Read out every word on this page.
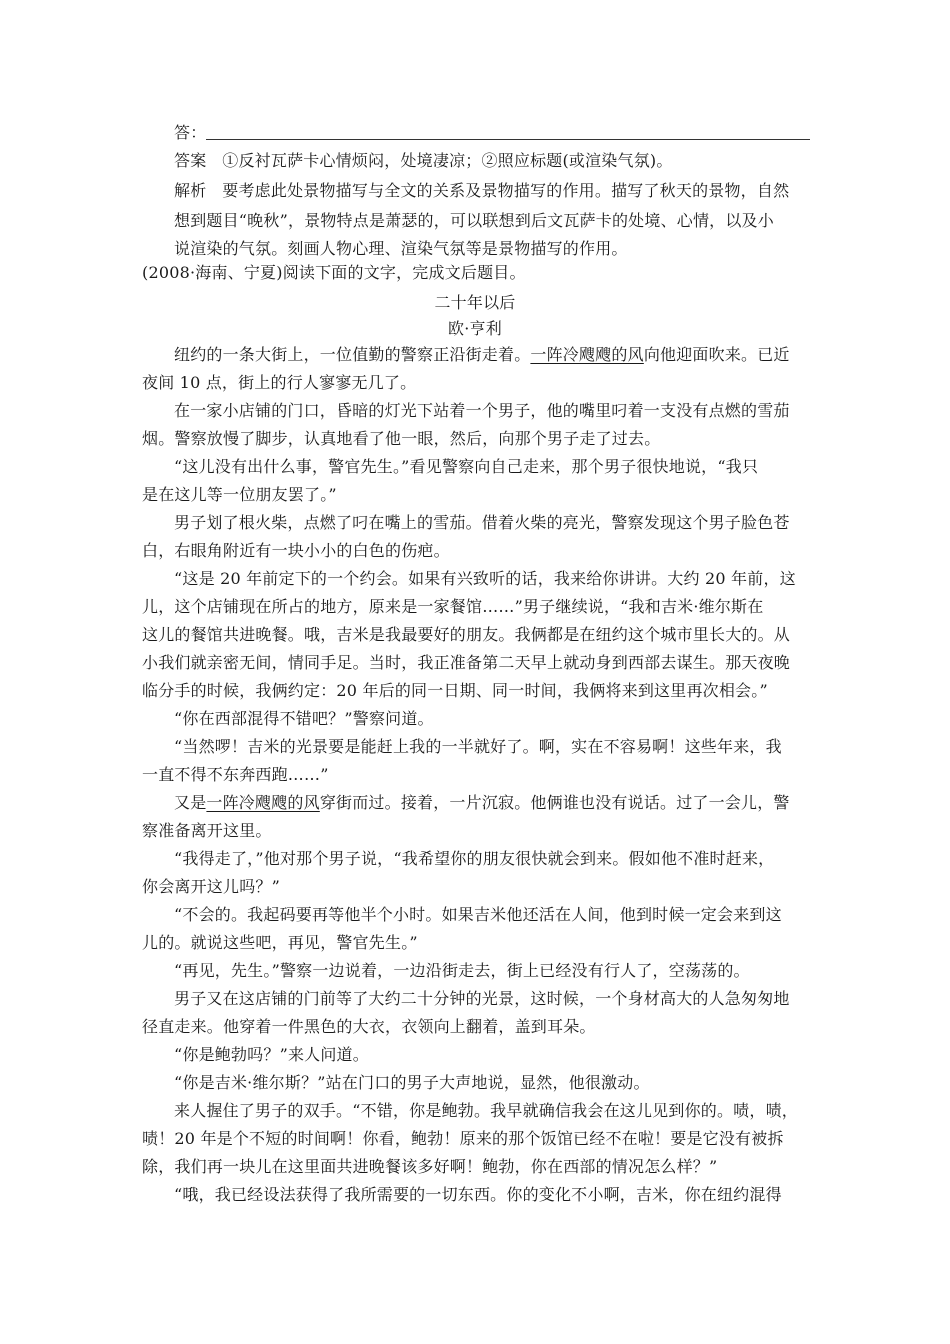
答：
答案 ①反衬瓦萨卡心情烦闷，处境凄凉；②照应标题(或渲染气氛)。
解析 要考虑此处景物描写与全文的关系及景物描写的作用。描写了秋天的景物，自然
想到题目“晚秋”，景物特点是萧瑟的，可以联想到后文瓦萨卡的处境、心情，以及小
说渲染的气氛。刻画人物心理、渲染气氛等是景物描写的作用。
(2008·海南、宁夏)阅读下面的文字，完成文后题目。
二十年以后
欧·亨利
纽约的一条大街上，一位值勤的警察正沿街走着。一阵冷飕飕的风向他迎面吹来。已近
夜间 10 点，街上的行人寥寥无几了。
在一家小店铺的门口，昏暗的灯光下站着一个男子，他的嘴里叼着一支没有点燃的雪茄
烟。警察放慢了脚步，认真地看了他一眼，然后，向那个男子走了过去。
“这儿没有出什么事，警官先生。”看见警察向自己走来，那个男子很快地说，“我只
是在这儿等一位朋友罢了。”
男子划了根火柴，点燃了叼在嘴上的雪茄。借着火柴的亮光，警察发现这个男子脸色苍
白，右眼角附近有一块小小的白色的伤疤。
“这是 20 年前定下的一个约会。如果有兴致听的话，我来给你讲讲。大约 20 年前，这
儿，这个店铺现在所占的地方，原来是一家餐馆……”男子继续说，“我和吉米·维尔斯在
这儿的餐馆共进晚餐。哦，吉米是我最要好的朋友。我俩都是在纽约这个城市里长大的。从
小我们就亲密无间，情同手足。当时，我正准备第二天早上就动身到西部去谋生。那天夜晚
临分手的时候，我俩约定：20 年后的同一日期、同一时间，我俩将来到这里再次相会。”
“你在西部混得不错吧？”警察问道。
“当然啰！吉米的光景要是能赶上我的一半就好了。啊，实在不容易啊！这些年来，我
一直不得不东奔西跑……”
又是一阵冷飕飕的风穿街而过。接着，一片沉寂。他俩谁也没有说话。过了一会儿，警
察准备离开这里。
“我得走了，”他对那个男子说，“我希望你的朋友很快就会到来。假如他不准时赶来，
你会离开这儿吗？”
“不会的。我起码要再等他半个小时。如果吉米他还活在人间，他到时候一定会来到这
儿的。就说这些吧，再见，警官先生。”
“再见，先生。”警察一边说着，一边沿街走去，街上已经没有行人了，空荡荡的。
男子又在这店铺的门前等了大约二十分钟的光景，这时候，一个身材高大的人急匆匆地
径直走来。他穿着一件黑色的大衣，衣领向上翻着，盖到耳朵。
“你是鲍勃吗？”来人问道。
“你是吉米·维尔斯？”站在门口的男子大声地说，显然，他很激动。
来人握住了男子的双手。“不错，你是鲍勃。我早就确信我会在这儿见到你的。啧，啧，
啧！20 年是个不短的时间啊！你看，鲍勃！原来的那个饭馆已经不在啦！要是它没有被拆
除，我们再一块儿在这里面共进晚餐该多好啊！鲍勃，你在西部的情况怎么样？”
“哦，我已经设法获得了我所需要的一切东西。你的变化不小啊，吉米，你在纽约混得
